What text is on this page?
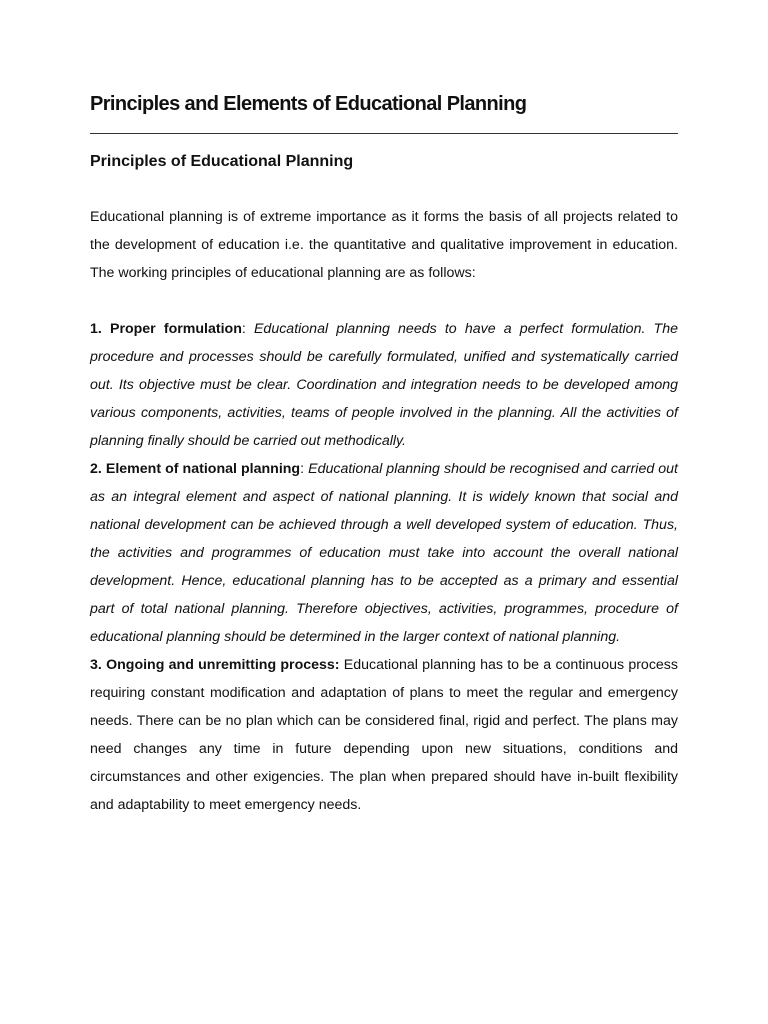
Principles and Elements of Educational Planning
Principles of Educational Planning

Educational planning is of extreme importance as it forms the basis of all projects related to the development of education i.e. the quantitative and qualitative improvement in education. The working principles of educational planning are as follows:

1. Proper formulation: Educational planning needs to have a perfect formulation. The procedure and processes should be carefully formulated, unified and systematically carried out. Its objective must be clear. Coordination and integration needs to be developed among various components, activities, teams of people involved in the planning. All the activities of planning finally should be carried out methodically.

2. Element of national planning: Educational planning should be recognised and carried out as an integral element and aspect of national planning. It is widely known that social and national development can be achieved through a well developed system of education. Thus, the activities and programmes of education must take into account the overall national development. Hence, educational planning has to be accepted as a primary and essential part of total national planning. Therefore objectives, activities, programmes, procedure of educational planning should be determined in the larger context of national planning.

3. Ongoing and unremitting process: Educational planning has to be a continuous process requiring constant modification and adaptation of plans to meet the regular and emergency needs. There can be no plan which can be considered final, rigid and perfect. The plans may need changes any time in future depending upon new situations, conditions and circumstances and other exigencies. The plan when prepared should have in-built flexibility and adaptability to meet emergency needs.
